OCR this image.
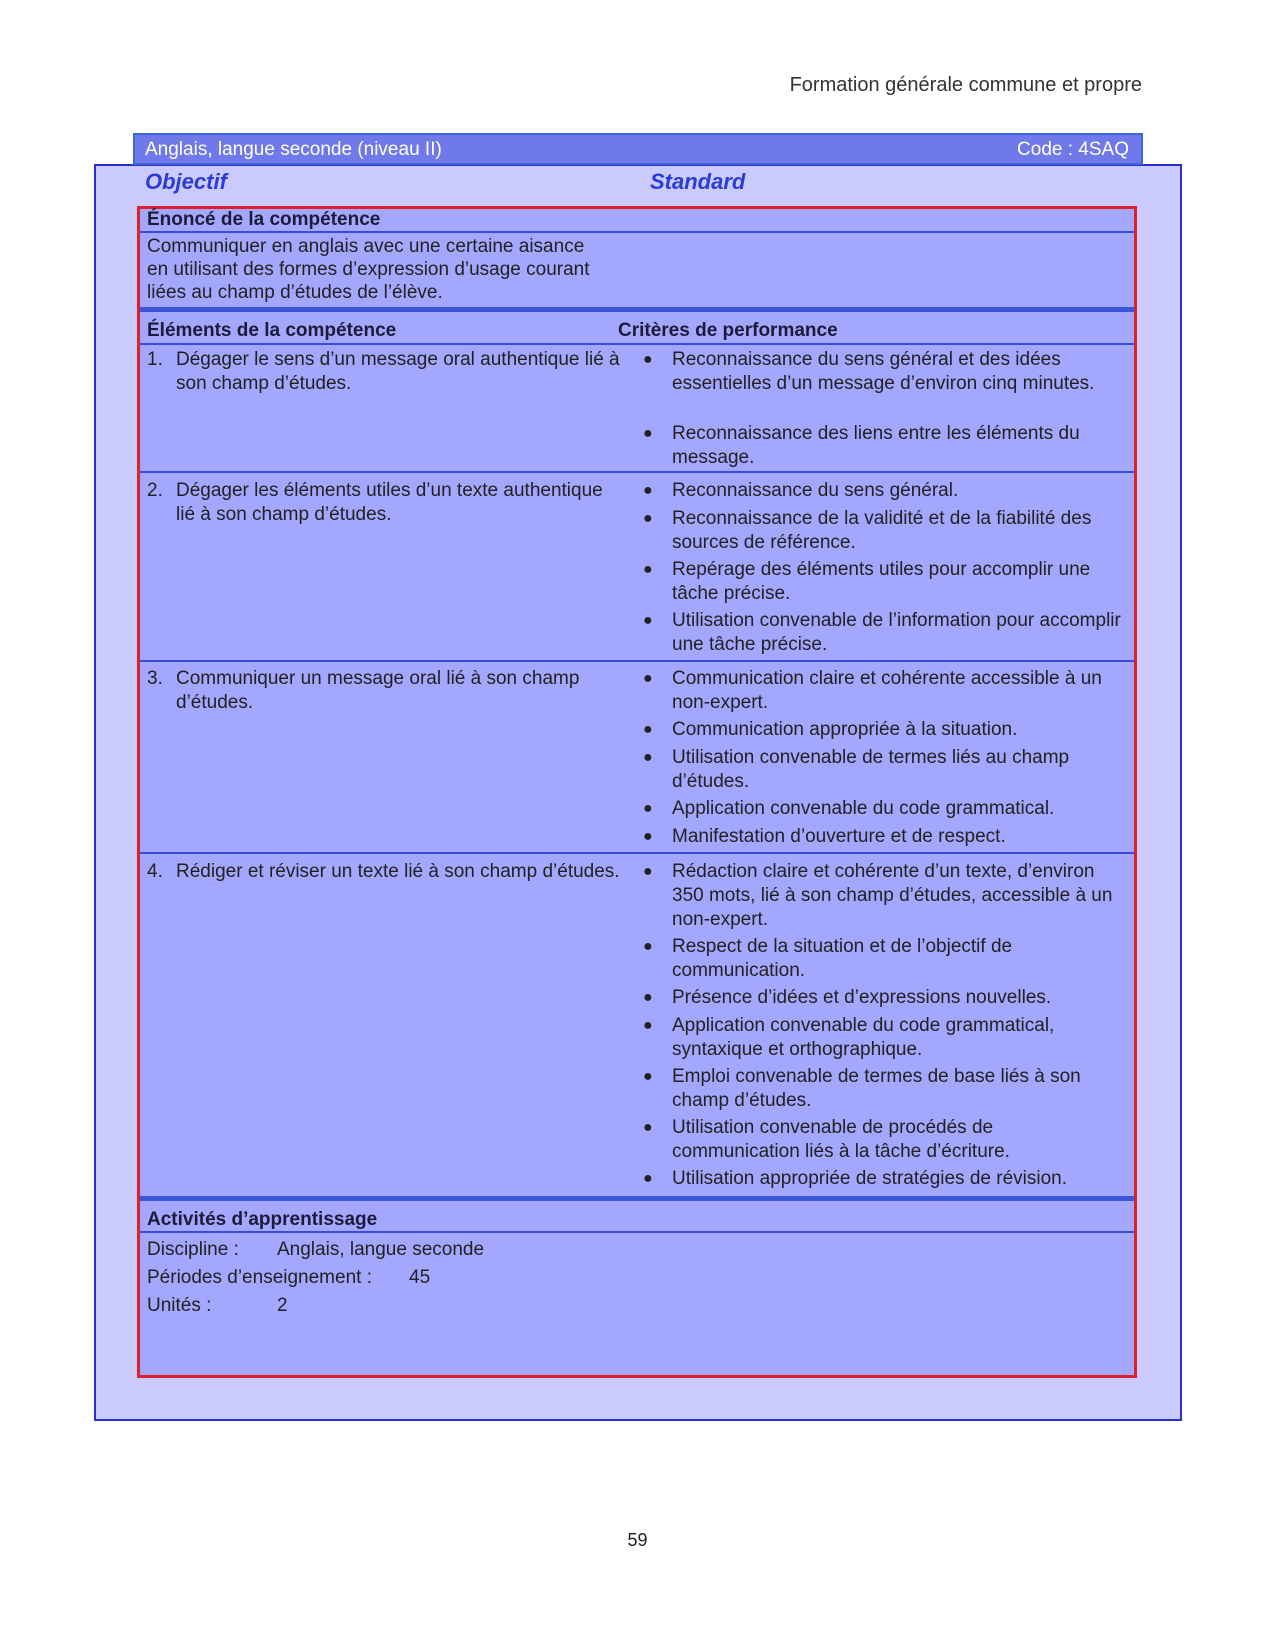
Formation générale commune et propre
Anglais, langue seconde (niveau II)	Code : 4SAQ
Objectif	Standard
Énoncé de la compétence
Communiquer en anglais avec une certaine aisance
en utilisant des formes d’expression d’usage courant
liées au champ d’études de l’élève.
Éléments de la compétence	Critères de performance
1. Dégager le sens d’un message oral authentique lié à son champ d’études.
● Reconnaissance du sens général et des idées essentielles d’un message d’environ cinq minutes.
● Reconnaissance des liens entre les éléments du message.
2. Dégager les éléments utiles d’un texte authentique lié à son champ d’études.
● Reconnaissance du sens général.
● Reconnaissance de la validité et de la fiabilité des sources de référence.
● Repérage des éléments utiles pour accomplir une tâche précise.
● Utilisation convenable de l’information pour accomplir une tâche précise.
3. Communiquer un message oral lié à son champ d’études.
● Communication claire et cohérente accessible à un non-expert.
● Communication appropriée à la situation.
● Utilisation convenable de termes liés au champ d’études.
● Application convenable du code grammatical.
● Manifestation d’ouverture et de respect.
4. Rédiger et réviser un texte lié à son champ d’études. ● Rédaction claire et cohérente d’un texte, d’environ 350 mots, lié à son champ d’études, accessible à un non-expert.
● Respect de la situation et de l’objectif de communication.
● Présence d’idées et d’expressions nouvelles.
● Application convenable du code grammatical, syntaxique et orthographique.
● Emploi convenable de termes de base liés à son champ d’études.
● Utilisation convenable de procédés de communication liés à la tâche d’écriture.
● Utilisation appropriée de stratégies de révision.
Activités d’apprentissage
Discipline : Anglais, langue seconde
Périodes d’enseignement : 45
Unités :	2
59
